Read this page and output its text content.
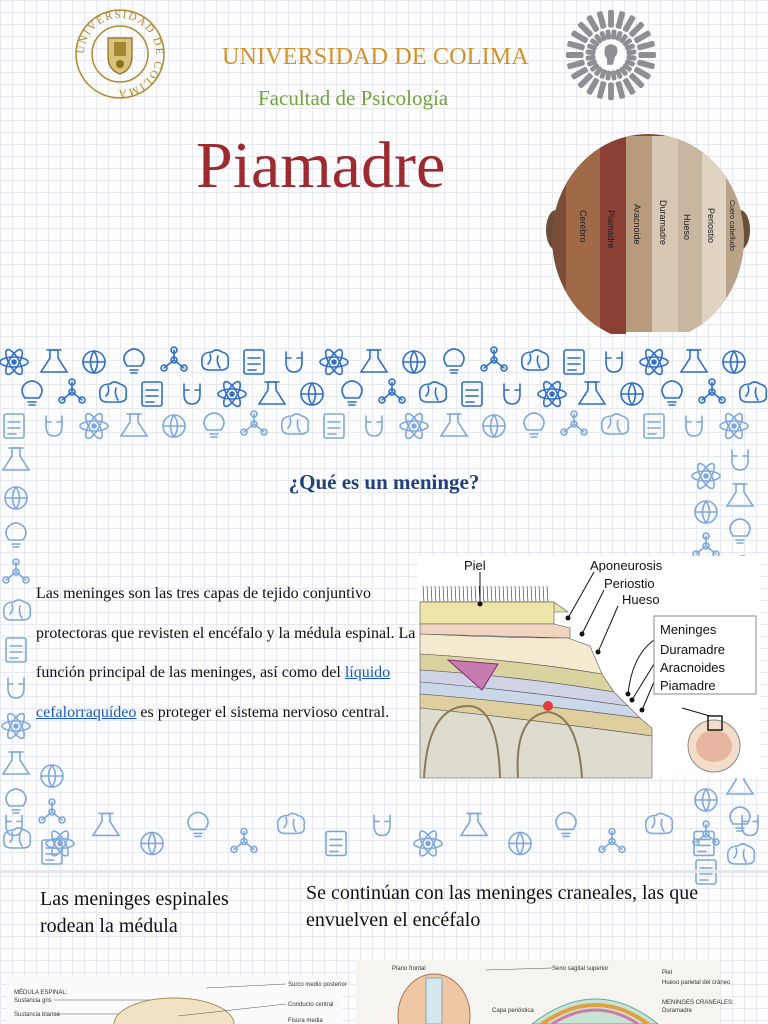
UNIVERSIDAD DE COLIMA
UNIVERSIDAD DE COLIMA
Facultad de Psicología
Piamadre
Cerebro Piamadre Aracnoide Duramadre Hueso Periostio Cuero cabelludo
¿Qué es un meninge?
Las meninges son las tres capas de tejido conjuntivo protectoras que revisten el encéfalo y la médula espinal. La función principal de las meninges, así como del líquido cefalorraquídeo es proteger el sistema nervioso central.
Piel	Aponeurosis
Periostio
Hueso
Meninges
Duramadre
Aracnoides
Piamadre
Las meninges espinales rodean la médula
Se continúan con las meninges craneales, las que envuelven el encéfalo
MÉDULA ESPINAL:
Sustancia gris
Sustancia blanca
Surco medio posterior
Conducto central
Fisura media
Plano frontal	Seno sagital superior
Capa perióstica
Piel
Hueso parietal del cráneo
MENINGES CRANEALES:
Duramadre
